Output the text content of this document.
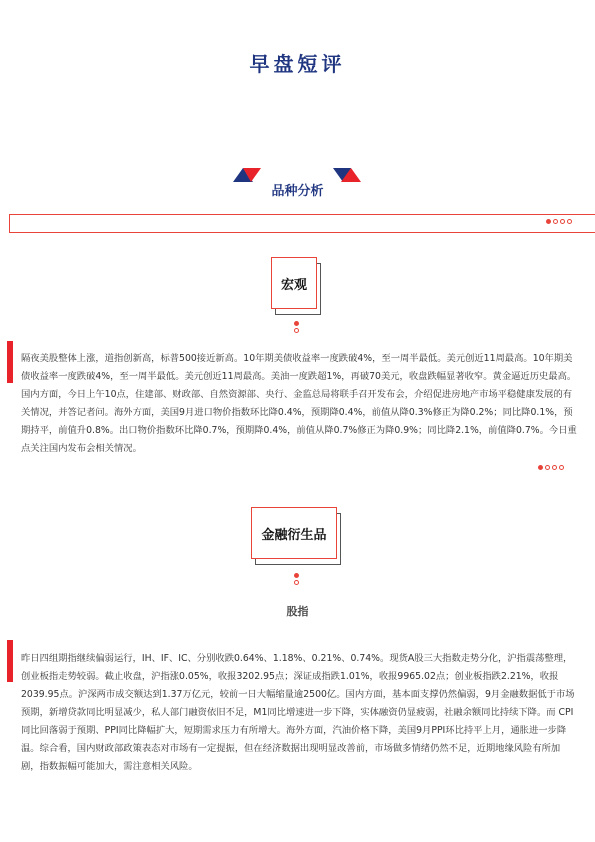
早盘短评
品种分析
宏观
隔夜美股整体上涨，道指创新高，标普500接近新高。10年期美债收益率一度跌破4%，至一周半最低。美元创近11周最高。10年期美债收益率一度跌破4%，至一周半最低。美元创近11周最高。美油一度跌超1%，再破70美元，收盘跌幅显著收窄。黄金逼近历史最高。国内方面，今日上午10点，住建部、财政部、自然资源部、央行、金监总局将联手召开发布会，介绍促进房地产市场平稳健康发展的有关情况，并答记者问。海外方面，美国9月进口物价指数环比降0.4%，预期降0.4%，前值从降0.3%修正为降0.2%；同比降0.1%，预期持平，前值升0.8%。出口物价指数环比降0.7%，预期降0.4%，前值从降0.7%修正为降0.9%；同比降2.1%，前值降0.7%。今日重点关注国内发布会相关情况。
金融衍生品
股指
昨日四组期指继续偏弱运行，IH、IF、IC、分别收跌0.64%、1.18%、0.21%、0.74%。现货A股三大指数走势分化，沪指震荡整理，创业板指走势较弱。截止收盘，沪指涨0.05%，收报3202.95点；深证成指跌1.01%，收报9965.02点；创业板指跌2.21%，收报2039.95点。沪深两市成交额达到1.37万亿元，较前一日大幅缩量逾2500亿。国内方面，基本面支撑仍然偏弱，9月金融数据低于市场预期，新增贷款同比明显减少，私人部门融资依旧不足，M1同比增速进一步下降，实体融资仍显疲弱，社融余额同比持续下降。而 CPI同比回落弱于预期、PPI同比降幅扩大，短期需求压力有所增大。海外方面，汽油价格下降，美国9月PPI环比持平上月，通胀进一步降温。综合看，国内财政部政策表态对市场有一定提振，但在经济数据出现明显改善前，市场做多情绪仍然不足，近期地缘风险有所加剧，指数振幅可能加大，需注意相关风险。
